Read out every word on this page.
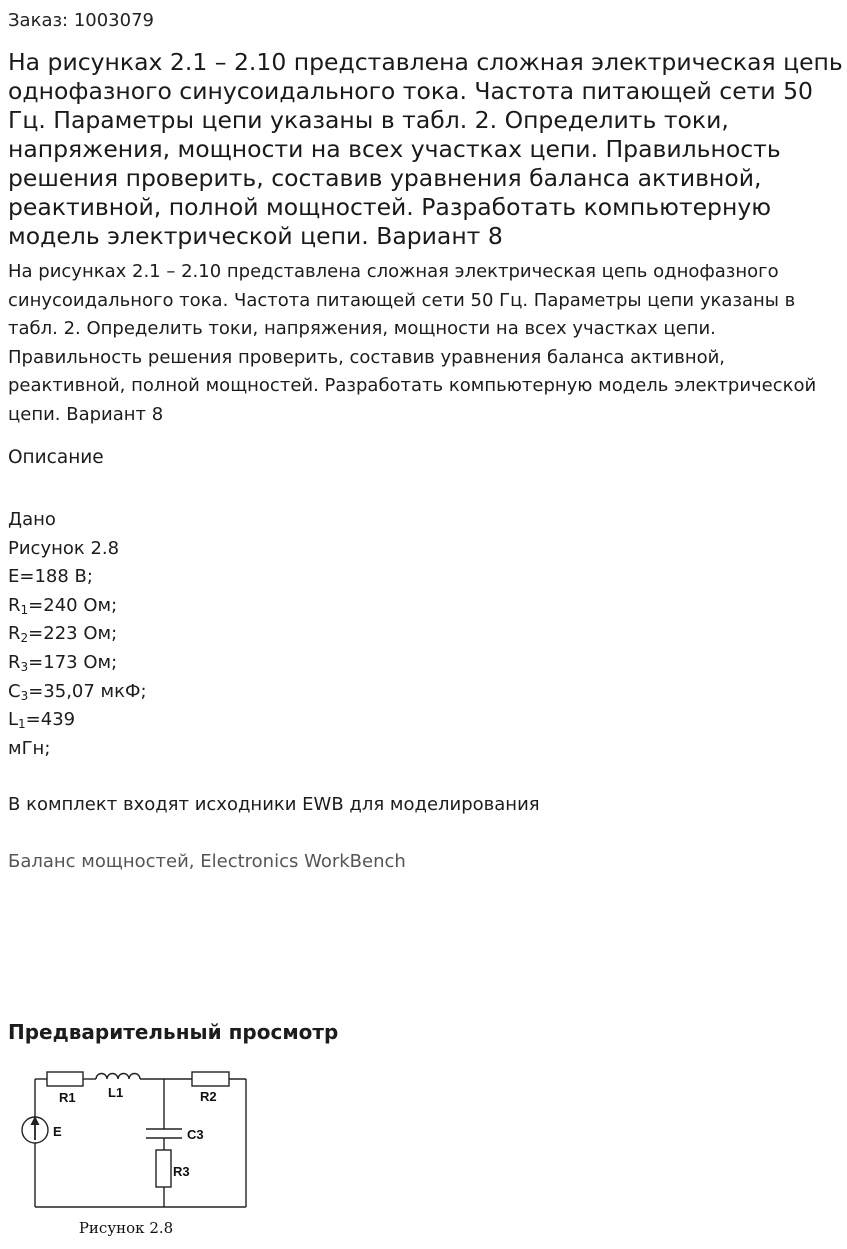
Заказ: 1003079
На рисунках 2.1 – 2.10 представлена сложная электрическая цепь однофазного синусоидального тока. Частота питающей сети 50 Гц. Параметры цепи указаны в табл. 2. Определить токи, напряжения, мощности на всех участках цепи. Правильность решения проверить, составив уравнения баланса активной, реактивной, полной мощностей. Разработать компьютерную модель электрической цепи. Вариант 8
На рисунках 2.1 – 2.10 представлена сложная электрическая цепь однофазного синусоидального тока. Частота питающей сети 50 Гц. Параметры цепи указаны в табл. 2. Определить токи, напряжения, мощности на всех участках цепи. Правильность решения проверить, составив уравнения баланса активной, реактивной, полной мощностей. Разработать компьютерную модель электрической цепи. Вариант 8
Описание
Дано
Рисунок 2.8
E=188 В;
$R_1=240$ Ом;
$R_2=223$ Ом;
$R_3=173$ Ом;
$C_3=35,07$ мкФ;
$L_1=439$
мГн;
В комплект входят исходники EWB для моделирования
Баланс мощностей, Electronics WorkBench
Предварительный просмотр
R1 L1	R2
E	C3
R3
Рисунок 2.8
